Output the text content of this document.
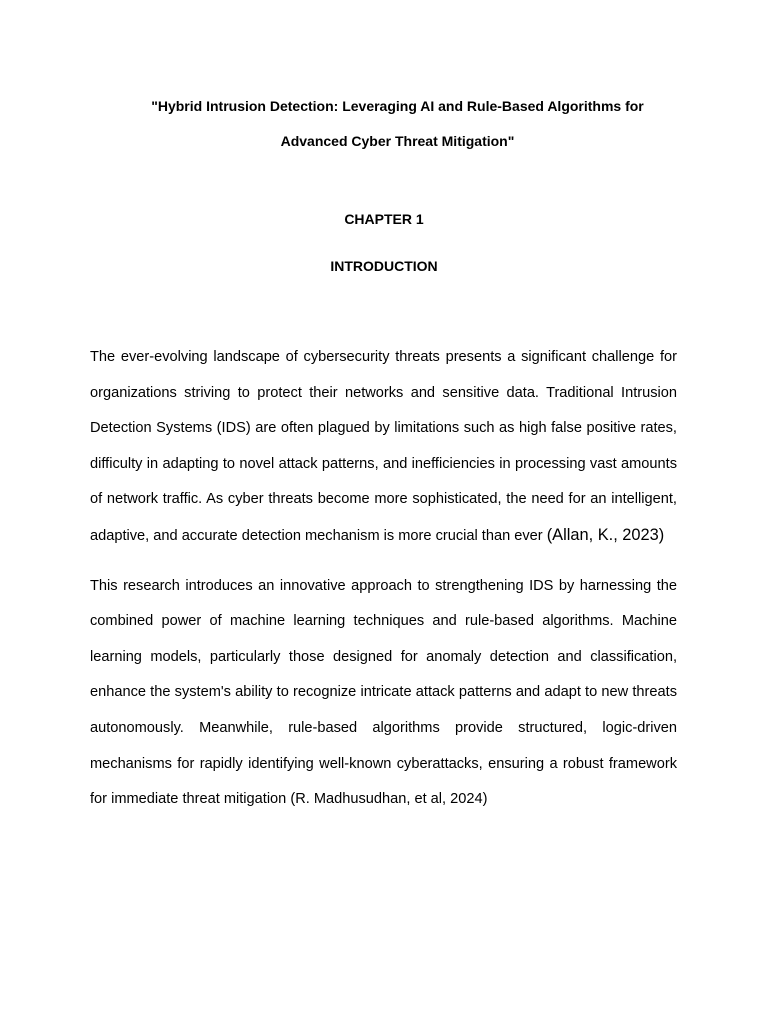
"Hybrid Intrusion Detection: Leveraging AI and Rule-Based Algorithms for Advanced Cyber Threat Mitigation"
CHAPTER 1
INTRODUCTION

The ever-evolving landscape of cybersecurity threats presents a significant challenge for organizations striving to protect their networks and sensitive data. Traditional Intrusion Detection Systems (IDS) are often plagued by limitations such as high false positive rates, difficulty in adapting to novel attack patterns, and inefficiencies in processing vast amounts of network traffic. As cyber threats become more sophisticated, the need for an intelligent, adaptive, and accurate detection mechanism is more crucial than ever (Allan, K., 2023)

This research introduces an innovative approach to strengthening IDS by harnessing the combined power of machine learning techniques and rule-based algorithms. Machine learning models, particularly those designed for anomaly detection and classification, enhance the system's ability to recognize intricate attack patterns and adapt to new threats autonomously. Meanwhile, rule-based algorithms provide structured, logic-driven mechanisms for rapidly identifying well-known cyberattacks, ensuring a robust framework for immediate threat mitigation (R. Madhusudhan, et al, 2024)
